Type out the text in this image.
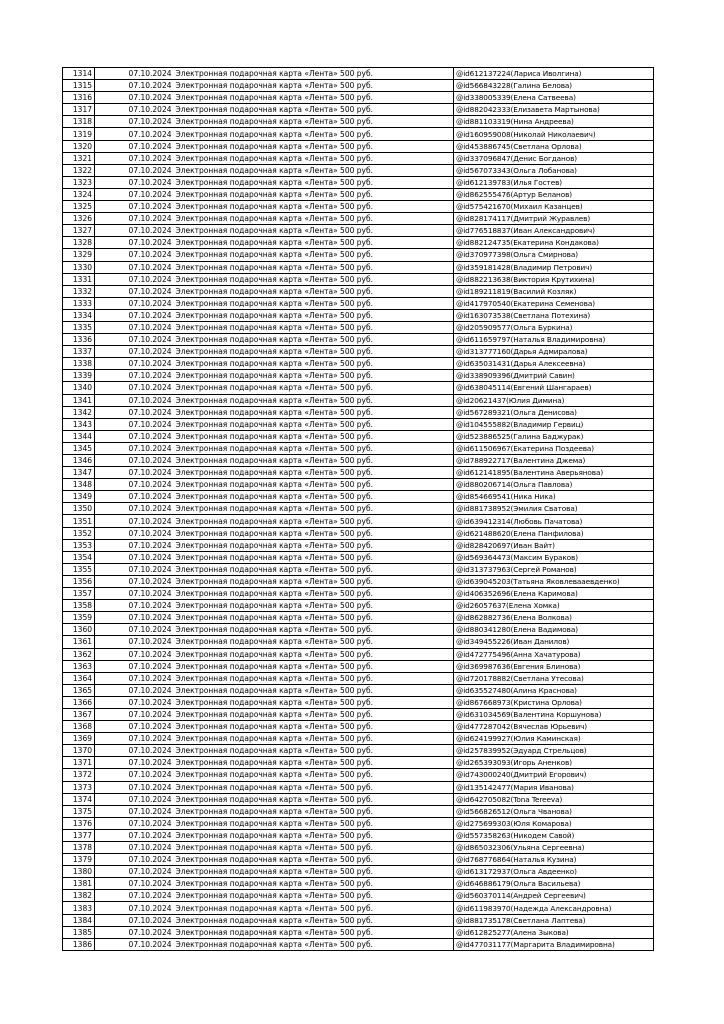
1314	07.10.2024	Электронная подарочная карта «Лента» 500 руб.	@id612137224(Лариса Иволгина)
1315	07.10.2024	Электронная подарочная карта «Лента» 500 руб.	@id566843228(Галина Белова)
1316	07.10.2024	Электронная подарочная карта «Лента» 500 руб.	@id338005339(Елена Сатвеева)
1317	07.10.2024	Электронная подарочная карта «Лента» 500 руб.	@id882042333(Елизавета Мартынова)
1318	07.10.2024	Электронная подарочная карта «Лента» 500 руб.	@id881103319(Нина Андреева)
1319	07.10.2024	Электронная подарочная карта «Лента» 500 руб.	@id160959008(Николай Николаевич)
1320	07.10.2024	Электронная подарочная карта «Лента» 500 руб.	@id453886745(Светлана Орлова)
1321	07.10.2024	Электронная подарочная карта «Лента» 500 руб.	@id337096847(Денис Богданов)
1322	07.10.2024	Электронная подарочная карта «Лента» 500 руб.	@id567073343(Ольга Лобанова)
1323	07.10.2024	Электронная подарочная карта «Лента» 500 руб.	@id612139783(Илья Гостев)
1324	07.10.2024	Электронная подарочная карта «Лента» 500 руб.	@id862555476(Артур Беланов)
1325	07.10.2024	Электронная подарочная карта «Лента» 500 руб.	@id575421670(Михаил Казанцев)
1326	07.10.2024	Электронная подарочная карта «Лента» 500 руб.	@id828174117(Дмитрий Журавлев)
1327	07.10.2024	Электронная подарочная карта «Лента» 500 руб.	@id776518837(Иван Александрович)
1328	07.10.2024	Электронная подарочная карта «Лента» 500 руб.	@id882124735(Екатерина Кондакова)
1329	07.10.2024	Электронная подарочная карта «Лента» 500 руб.	@id370977398(Ольга Смирнова)
1330	07.10.2024	Электронная подарочная карта «Лента» 500 руб.	@id359181428(Владимир Петрович)
1331	07.10.2024	Электронная подарочная карта «Лента» 500 руб.	@id882213638(Виктория Крутихина)
1332	07.10.2024	Электронная подарочная карта «Лента» 500 руб.	@id189211819(Василий Козляк)
1333	07.10.2024	Электронная подарочная карта «Лента» 500 руб.	@id417970540(Екатерина Семенова)
1334	07.10.2024	Электронная подарочная карта «Лента» 500 руб.	@id163073538(Светлана Потехина)
1335	07.10.2024	Электронная подарочная карта «Лента» 500 руб.	@id205909577(Ольга Буркина)
1336	07.10.2024	Электронная подарочная карта «Лента» 500 руб.	@id611659797(Наталья Владимировна)
1337	07.10.2024	Электронная подарочная карта «Лента» 500 руб.	@id313777160(Дарья Адмиралова)
1338	07.10.2024	Электронная подарочная карта «Лента» 500 руб.	@id635031431(Дарья Алексеевна)
1339	07.10.2024	Электронная подарочная карта «Лента» 500 руб.	@id338909396(Дмитрий Савин)
1340	07.10.2024	Электронная подарочная карта «Лента» 500 руб.	@id638045114(Евгений Шангараев)
1341	07.10.2024	Электронная подарочная карта «Лента» 500 руб.	@id20621437(Юлия Димина)
1342	07.10.2024	Электронная подарочная карта «Лента» 500 руб.	@id567289321(Ольга Денисова)
1343	07.10.2024	Электронная подарочная карта «Лента» 500 руб.	@id104555882(Владимир Гервиц)
1344	07.10.2024	Электронная подарочная карта «Лента» 500 руб.	@id523886525(Галина Баджурак)
1345	07.10.2024	Электронная подарочная карта «Лента» 500 руб.	@id611506967(Екатерина Поздеева)
1346	07.10.2024	Электронная подарочная карта «Лента» 500 руб.	@id788922717(Валентина Джема)
1347	07.10.2024	Электронная подарочная карта «Лента» 500 руб.	@id612141895(Валентина Аверьянова)
1348	07.10.2024	Электронная подарочная карта «Лента» 500 руб.	@id880206714(Ольга Павлова)
1349	07.10.2024	Электронная подарочная карта «Лента» 500 руб.	@id854669541(Ника Ника)
1350	07.10.2024	Электронная подарочная карта «Лента» 500 руб.	@id881738952(Эмилия Сватова)
1351	07.10.2024	Электронная подарочная карта «Лента» 500 руб.	@id639412314(Любовь Пачатова)
1352	07.10.2024	Электронная подарочная карта «Лента» 500 руб.	@id621488620(Елена Панфилова)
1353	07.10.2024	Электронная подарочная карта «Лента» 500 руб.	@id828420697(Иван Вайт)
1354	07.10.2024	Электронная подарочная карта «Лента» 500 руб.	@id569364473(Максим Бураков)
1355	07.10.2024	Электронная подарочная карта «Лента» 500 руб.	@id313737963(Сергей Романов)
1356	07.10.2024	Электронная подарочная карта «Лента» 500 руб.	@id639045203(Татьяна Яковлевааевденко)
1357	07.10.2024	Электронная подарочная карта «Лента» 500 руб.	@id406352696(Елена Каримова)
1358	07.10.2024	Электронная подарочная карта «Лента» 500 руб.	@id26057637(Елена Хомка)
1359	07.10.2024	Электронная подарочная карта «Лента» 500 руб.	@id862882736(Елена Волкова)
1360	07.10.2024	Электронная подарочная карта «Лента» 500 руб.	@id880341280(Елена Вадимова)
1361	07.10.2024	Электронная подарочная карта «Лента» 500 руб.	@id349455226(Иван Данилов)
1362	07.10.2024	Электронная подарочная карта «Лента» 500 руб.	@id472775496(Анна Хачатурова)
1363	07.10.2024	Электронная подарочная карта «Лента» 500 руб.	@id369987636(Евгения Блинова)
1364	07.10.2024	Электронная подарочная карта «Лента» 500 руб.	@id720178882(Светлана Утесова)
1365	07.10.2024	Электронная подарочная карта «Лента» 500 руб.	@id635527480(Алина Краснова)
1366	07.10.2024	Электронная подарочная карта «Лента» 500 руб.	@id867668973(Кристина Орлова)
1367	07.10.2024	Электронная подарочная карта «Лента» 500 руб.	@id631034569(Валентина Коршунова)
1368	07.10.2024	Электронная подарочная карта «Лента» 500 руб.	@id477287042(Вячеслав Юрьевич)
1369	07.10.2024	Электронная подарочная карта «Лента» 500 руб.	@id624199927(Юлия Каминская)
1370	07.10.2024	Электронная подарочная карта «Лента» 500 руб.	@id257839952(Эдуард Стрельцов)
1371	07.10.2024	Электронная подарочная карта «Лента» 500 руб.	@id265393093(Игорь Аненков)
1372	07.10.2024	Электронная подарочная карта «Лента» 500 руб.	@id743000240(Дмитрий Егорович)
1373	07.10.2024	Электронная подарочная карта «Лента» 500 руб.	@id135142477(Мария Иванова)
1374	07.10.2024	Электронная подарочная карта «Лента» 500 руб.	@id642705082(Tona Tereeva)
1375	07.10.2024	Электронная подарочная карта «Лента» 500 руб.	@id566826512(Ольга Чванова)
1376	07.10.2024	Электронная подарочная карта «Лента» 500 руб.	@id275699303(Юля Комарова)
1377	07.10.2024	Электронная подарочная карта «Лента» 500 руб.	@id557358263(Никодем Савой)
1378	07.10.2024	Электронная подарочная карта «Лента» 500 руб.	@id865032306(Ульяна Сергеевна)
1379	07.10.2024	Электронная подарочная карта «Лента» 500 руб.	@id768776864(Наталья Кузина)
1380	07.10.2024	Электронная подарочная карта «Лента» 500 руб.	@id613172937(Ольга Авдеенко)
1381	07.10.2024	Электронная подарочная карта «Лента» 500 руб.	@id646886179(Ольга Васильева)
1382	07.10.2024	Электронная подарочная карта «Лента» 500 руб.	@id560370114(Андрей Сергеевич)
1383	07.10.2024	Электронная подарочная карта «Лента» 500 руб.	@id611983970(Надежда Александровна)
1384	07.10.2024	Электронная подарочная карта «Лента» 500 руб.	@id881735178(Светлана Лаптева)
1385	07.10.2024	Электронная подарочная карта «Лента» 500 руб.	@id612825277(Алена Зыкова)
1386	07.10.2024	Электронная подарочная карта «Лента» 500 руб.	@id477031177(Маргарита Владимировна)
